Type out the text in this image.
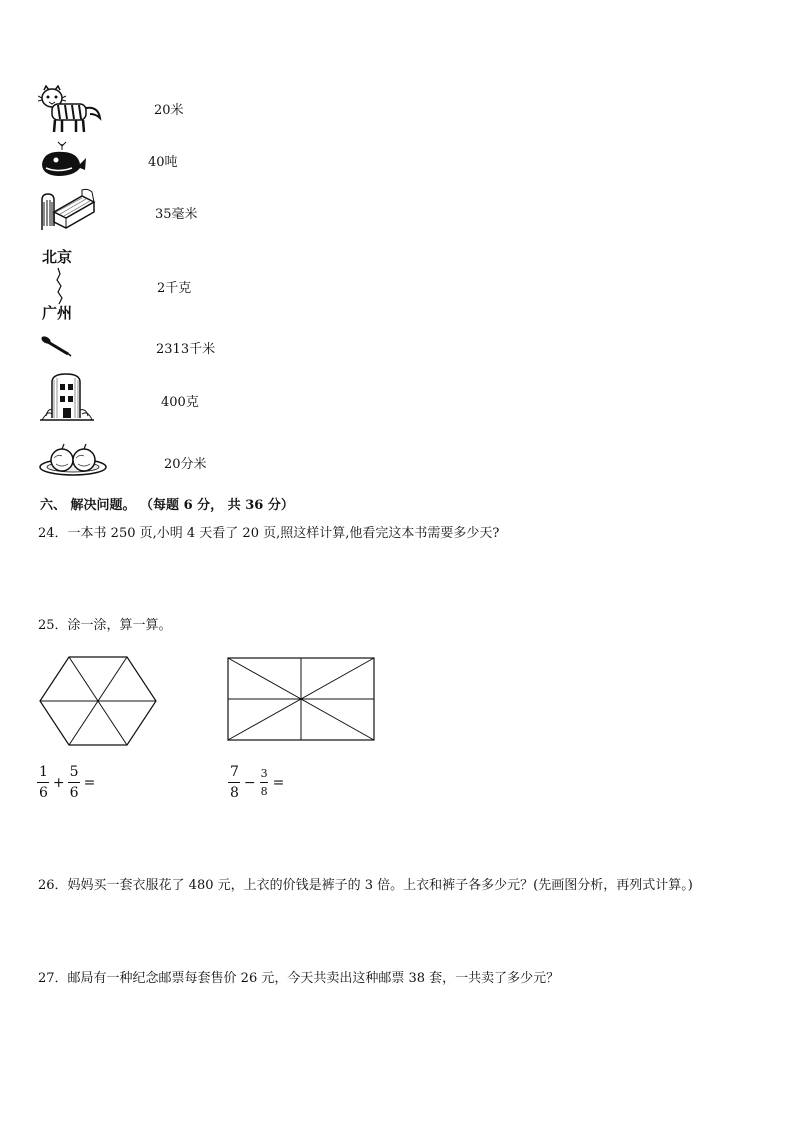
北京
广州
20米
40吨
35毫米
2千克
2313千米
400克
20分米
六、 解决问题。 （每题 6 分， 共 36 分）
24．一本书 250 页,小明 4 天看了 20 页,照这样计算,他看完这本书需要多少天?
25．涂一涂，算一算。
1
6
+
5
6
=
7
8
−
3
8
=
26．妈妈买一套衣服花了 480 元，上衣的价钱是裤子的 3 倍。上衣和裤子各多少元？(先画图分析，再列式计算。)
27．邮局有一种纪念邮票每套售价 26 元，今天共卖出这种邮票 38 套，一共卖了多少元？
